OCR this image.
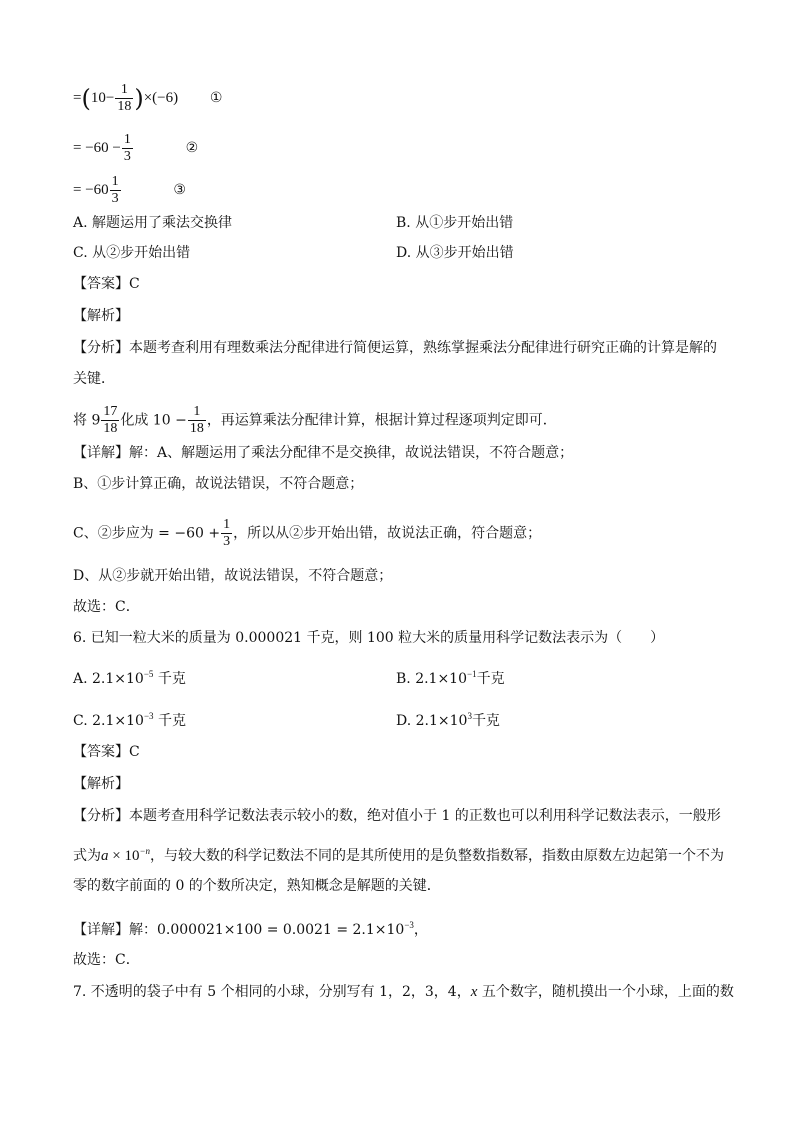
$=(10- \frac{1}{18} )\times(-6)$ ①
= $-60 - \frac{1}{3}$	②
= $-60 \frac{1}{3}$	③
A. 解题运用了乘法交换律	B. 从①步开始出错
C. 从②步开始出错	D. 从③步开始出错
【答案】C
【解析】
【分析】本题考查利用有理数乘法分配律进行简便运算，熟练掌握乘法分配律进行研究正确的计算是解的
关键．
将 $9 \frac{17}{18}$ 化成 $10 - \frac{1}{18}$ ，再运算乘法分配律计算，根据计算过程逐项判定即可．
【详解】解：A、解题运用了乘法分配律不是交换律，故说法错误，不符合题意；
B、①步计算正确，故说法错误，不符合题意；
C、②步应为 = $-60 + \frac{1}{3}$ ，所以从②步开始出错，故说法正确，符合题意；
D、从②步就开始出错，故说法错误，不符合题意；
故选：C．
6. 已知一粒大米的质量为 0.000021 千克，则 100 粒大米的质量用科学记数法表示为（　　）
A. $2.1\times 10^{-5}$ 千克	B. $2.1\times 10^{-1}$千克
C. $2.1\times 10^{-3}$ 千克	D. $2.1\times 10^3$千克
【答案】C
【解析】
【分析】本题考查用科学记数法表示较小的数，绝对值小于 1 的正数也可以利用科学记数法表示，一般形
式为$a \times 10^{-n}$，与较大数的科学记数法不同的是其所使用的是负整数指数幂，指数由原数左边起第一个不为
零的数字前面的 0 的个数所决定，熟知概念是解题的关键．
【详解】解：$0.000021\times 100 = 0.0021 = 2.1\times 10^{-3}$，
故选：C．
7. 不透明的袋子中有 5 个相同的小球，分别写有 1，2，3，4，x 五个数字，随机摸出一个小球，上面的数
